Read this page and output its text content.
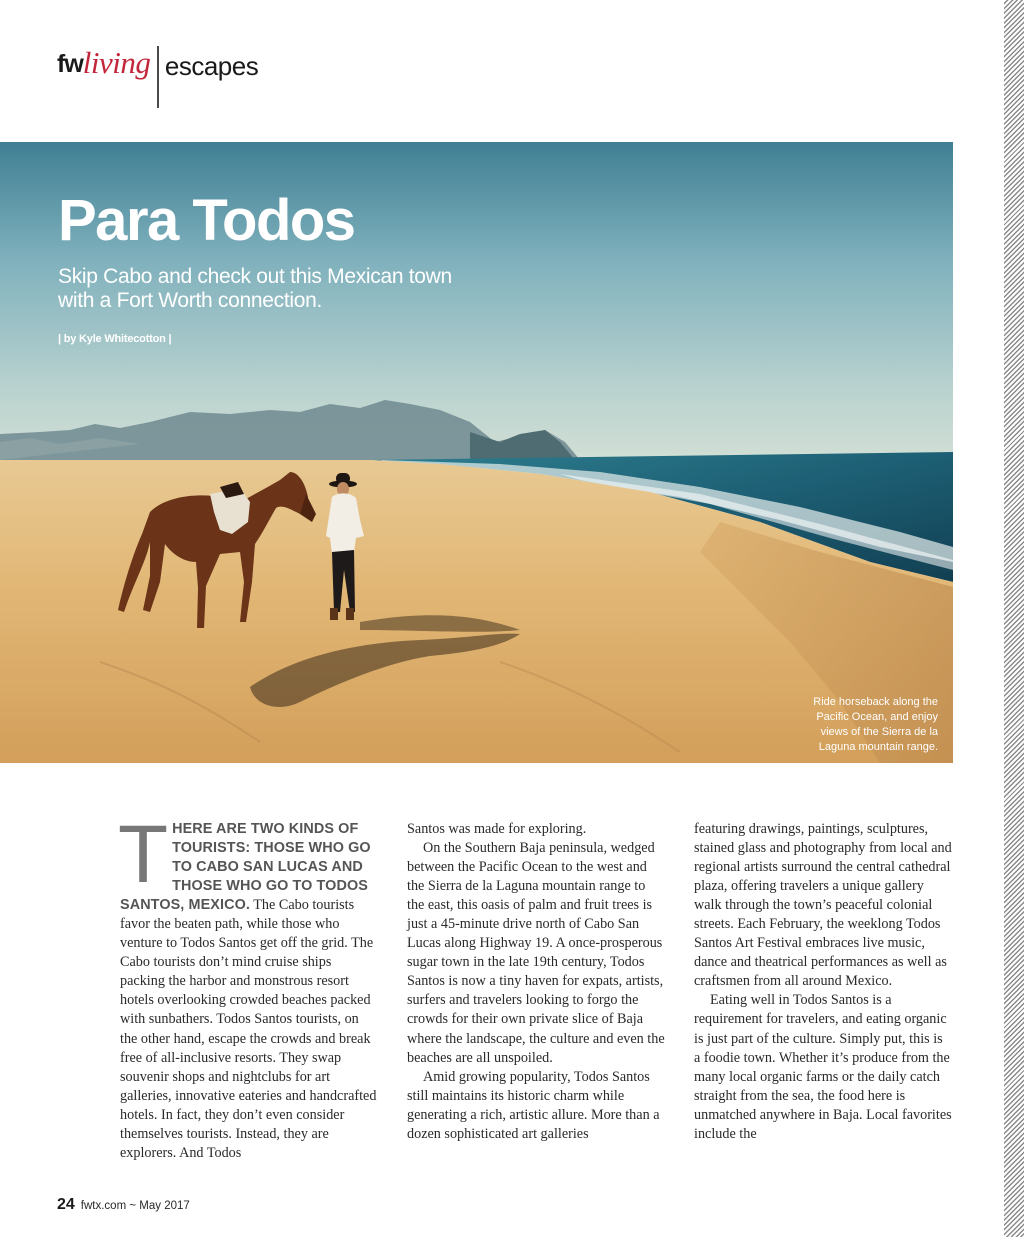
fw living escapes
Para Todos
Skip Cabo and check out this Mexican town with a Fort Worth connection.
| by Kyle Whitecotton |
Ride horseback along the Pacific Ocean, and enjoy views of the Sierra de la Laguna mountain range.

T HERE ARE TWO KINDS OF TOURISTS: THOSE WHO GO TO CABO SAN LUCAS AND THOSE WHO GO TO TODOS SANTOS, MEXICO. The Cabo tourists favor the beaten path, while those who venture to Todos Santos get off the grid. The Cabo tourists don’t mind cruise ships packing the harbor and monstrous resort hotels overlooking crowded beaches packed with sunbathers. Todos Santos tourists, on the other hand, escape the crowds and break free of all-inclusive resorts. They swap souvenir shops and nightclubs for art galleries, innovative eateries and handcrafted hotels. In fact, they don’t even consider themselves tourists. Instead, they are explorers. And Todos

Santos was made for exploring.

On the Southern Baja peninsula, wedged between the Pacific Ocean to the west and the Sierra de la Laguna mountain range to the east, this oasis of palm and fruit trees is just a 45-minute drive north of Cabo San Lucas along Highway 19. A once-prosperous sugar town in the late 19th century, Todos Santos is now a tiny haven for expats, artists, surfers and travelers looking to forgo the crowds for their own private slice of Baja where the landscape, the culture and even the beaches are all unspoiled.

Amid growing popularity, Todos Santos still maintains its historic charm while generating a rich, artistic allure. More than a dozen sophisticated art galleries

featuring drawings, paintings, sculptures, stained glass and photography from local and regional artists surround the central cathedral plaza, offering travelers a unique gallery walk through the town’s peaceful colonial streets. Each February, the weeklong Todos Santos Art Festival embraces live music, dance and theatrical performances as well as craftsmen from all around Mexico.

Eating well in Todos Santos is a requirement for travelers, and eating organic is just part of the culture. Simply put, this is a foodie town. Whether it’s produce from the many local organic farms or the daily catch straight from the sea, the food here is unmatched anywhere in Baja. Local favorites include the

24 fwtx.com ~ May 2017
